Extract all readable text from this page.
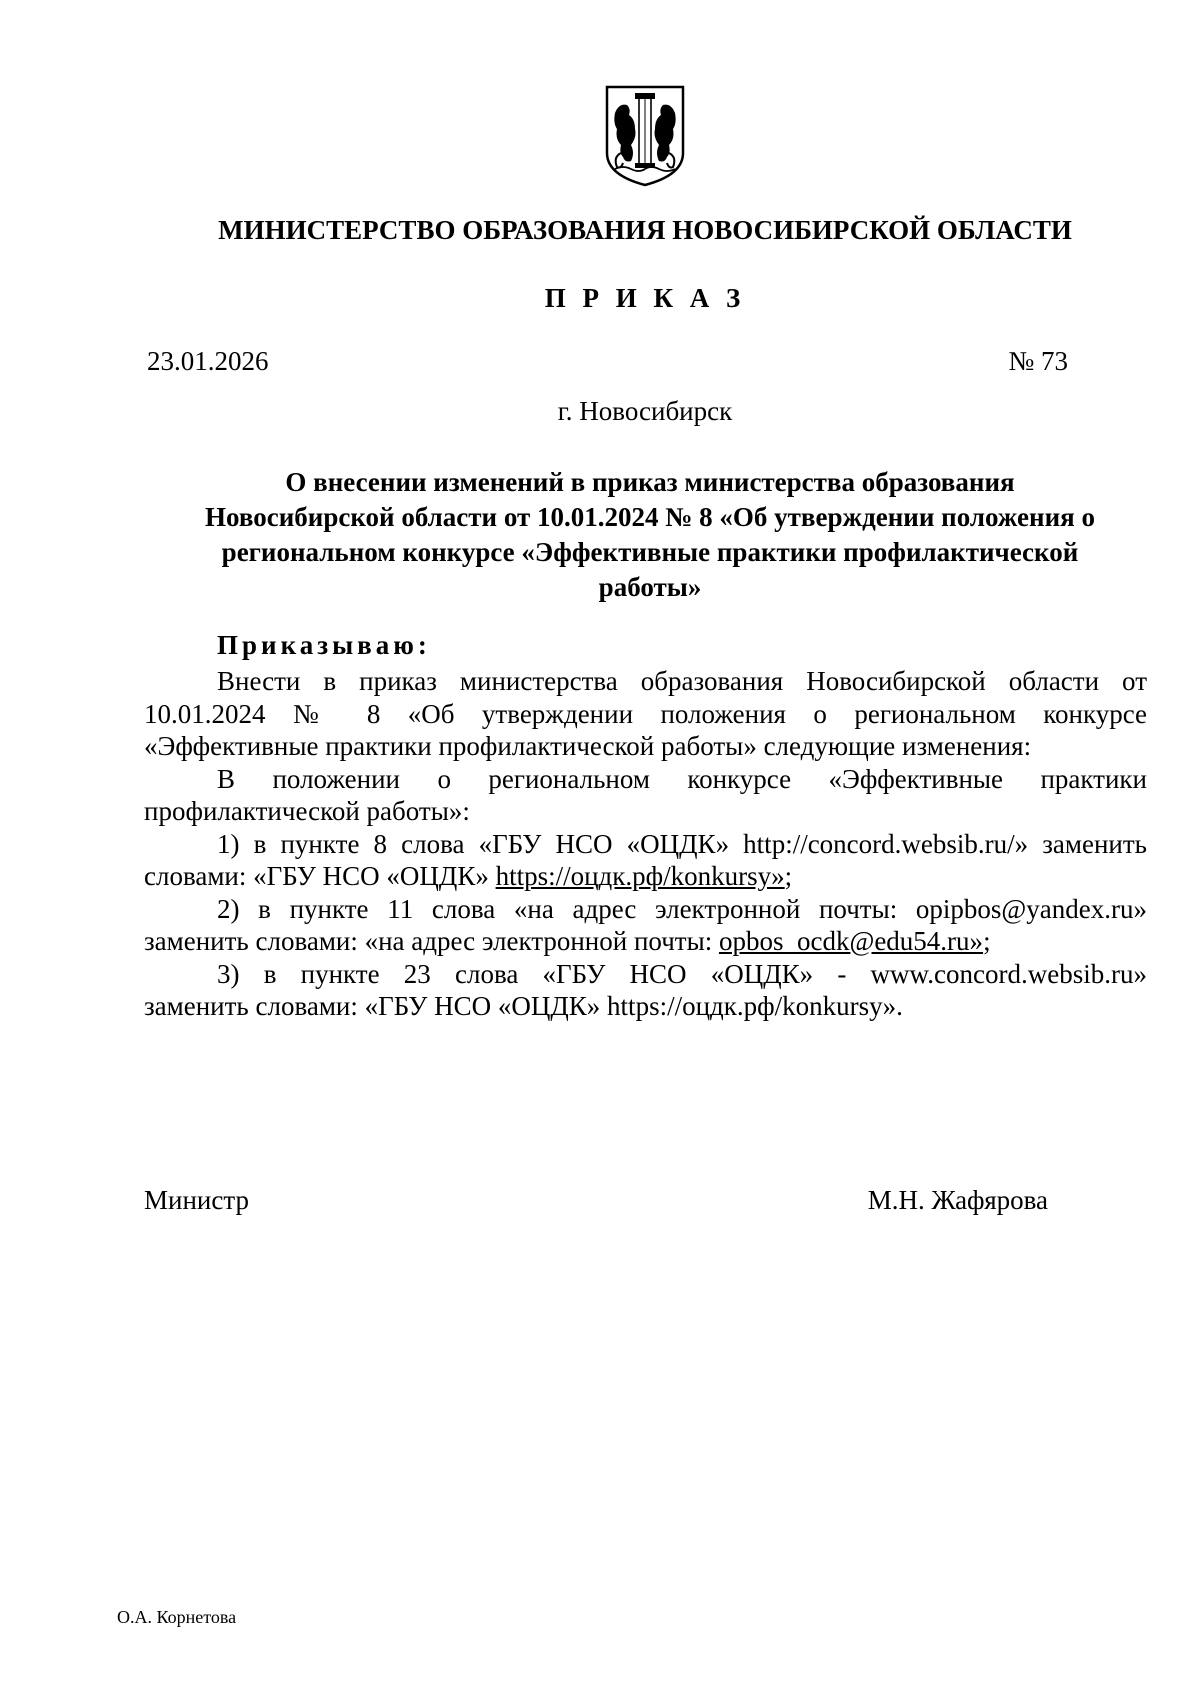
МИНИСТЕРСТВО ОБРАЗОВАНИЯ НОВОСИБИРСКОЙ ОБЛАСТИ
П Р И К А З
23.01.2026	№ 73
г. Новосибирск
О внесении изменений в приказ министерства образования
Новосибирской области от 10.01.2024 № 8 «Об утверждении положения о
региональном конкурсе «Эффективные практики профилактической
работы»
Приказываю:
Внести в приказ министерства образования Новосибирской области от
10.01.2024 № 8 «Об утверждении положения о региональном конкурсе
«Эффективные практики профилактической работы» следующие изменения:
В положении о региональном конкурсе «Эффективные практики
профилактической работы»:
1) в пункте 8 слова «ГБУ НСО «ОЦДК» http://concord.websib.ru/» заменить
словами: «ГБУ НСО «ОЦДК» https://оцдк.рф/konkursy»;
2) в пункте 11 слова «на адрес электронной почты: opipbos@yandex.ru»
заменить словами: «на адрес электронной почты: opbos_ocdk@edu54.ru»;
3) в пункте 23 слова «ГБУ НСО «ОЦДК» - www.concord.websib.ru»
заменить словами: «ГБУ НСО «ОЦДК» https://оцдк.рф/konkursy».
Министр	М.Н. Жафярова
О.А. Корнетова
